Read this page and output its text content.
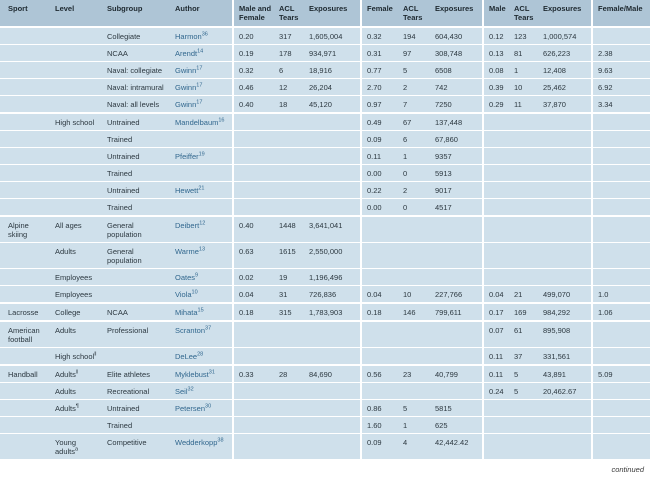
Sport	Level	Subgroup	Author	Male and Female	ACL Tears	Exposures	Female	ACL Tears	Exposures	Male	ACL Tears	Exposures	Female/Male
		Collegiate	Harmon$^{36}$	0.20	317	1,605,004	0.32	194	604,430	0.12	123	1,000,574	
		NCAA	Arendt$^{14}$	0.19	178	934,971	0.31	97	308,748	0.13	81	626,223	2.38
		Naval: collegiate	Gwinn$^{17}$	0.32	6	18,916	0.77	5	6508	0.08	1	12,408	9.63
		Naval: intramural	Gwinn$^{17}$	0.46	12	26,204	2.70	2	742	0.39	10	25,462	6.92
		Naval: all levels	Gwinn$^{17}$	0.40	18	45,120	0.97	7	7250	0.29	11	37,870	3.34
	High school	Untrained	Mandelbaum$^{16}$				0.49	67	137,448				
		Trained					0.09	6	67,860				
		Untrained	Pfeiffer$^{19}$				0.11	1	9357				
		Trained					0.00	0	5913				
		Untrained	Hewett$^{21}$				0.22	2	9017				
		Trained					0.00	0	4517				
Alpine skiing	All ages	General population	Deibert$^{12}$	0.40	1448	3,641,041							
	Adults	General population	Warme$^{13}$	0.63	1615	2,550,000							
	Employees		Oates$^9$	0.02	19	1,196,496							
	Employees		Viola$^{10}$	0.04	31	726,836	0.04	10	227,766	0.04	21	499,070	1.0
Lacrosse	College	NCAA	Mihata$^{15}$	0.18	315	1,783,903	0.18	146	799,611	0.17	169	984,292	1.06
American football	Adults	Professional	Scranton$^{37}$							0.07	61	895,908	
	High school‖		DeLee$^{28}$							0.11	37	331,561	
Handball	Adults‖	Elite athletes	Myklebust$^{31}$	0.33	28	84,690	0.56	23	40,799	0.11	5	43,891	5.09
	Adults	Recreational	Seil$^{32}$							0.24	5	20,462.67	
	Adults¶	Untrained	Petersen$^{30}$				0.86	5	5815				
		Trained					1.60	1	625				
	Young adults$^a$	Competitive	Wedderkopp$^{38}$				0.09	4	42,442.42				
continued
